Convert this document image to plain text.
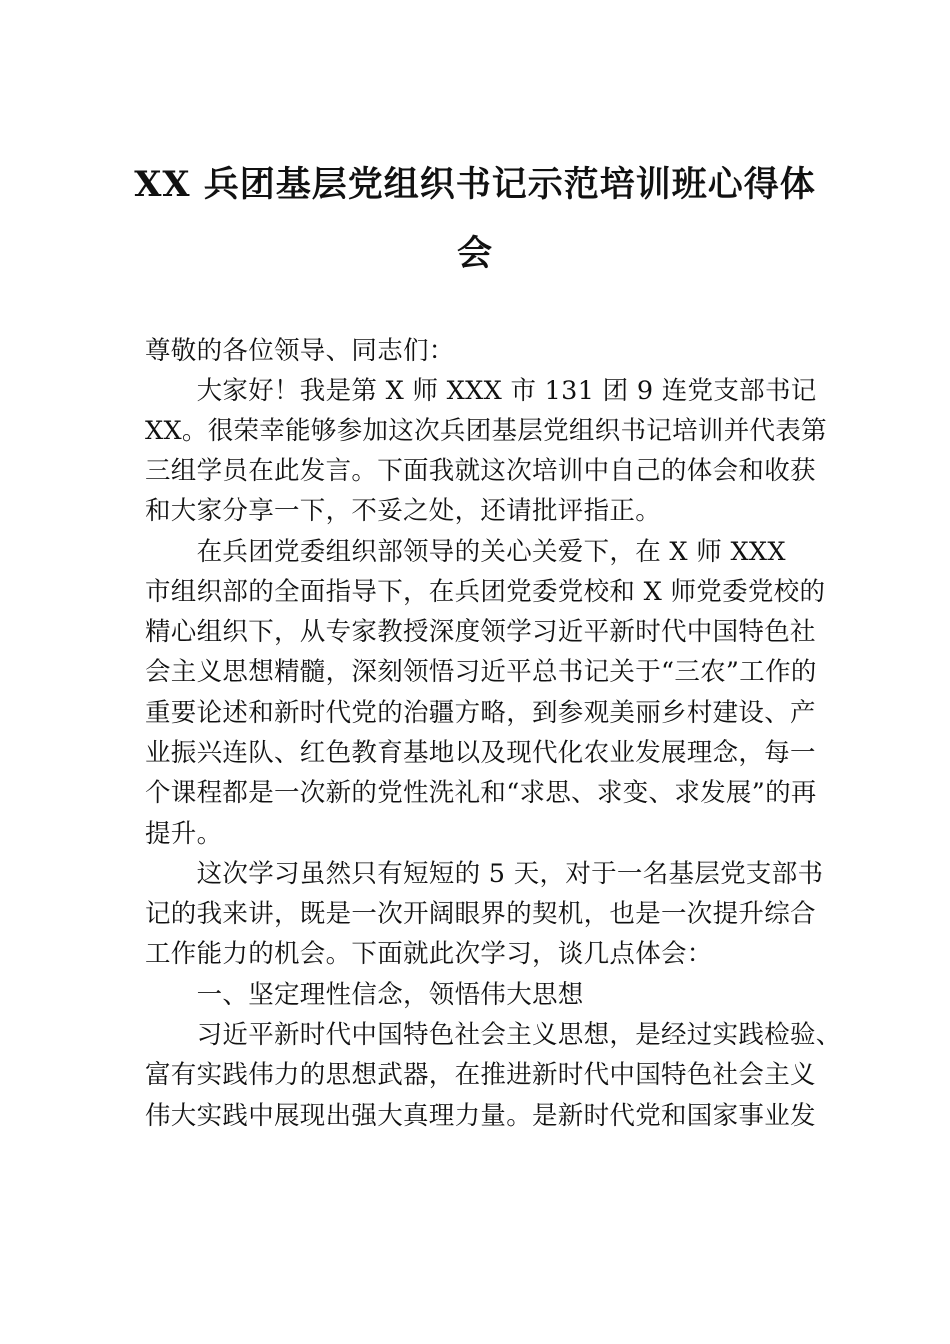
XX 兵团基层党组织书记示范培训班心得体
会
尊敬的各位领导、同志们：
　　大家好！我是第 X 师 XXX 市 131 团 9 连党支部书记
XX。很荣幸能够参加这次兵团基层党组织书记培训并代表第
三组学员在此发言。下面我就这次培训中自己的体会和收获
和大家分享一下，不妥之处，还请批评指正。
　　在兵团党委组织部领导的关心关爱下，在 X 师 XXX
市组织部的全面指导下，在兵团党委党校和 X 师党委党校的
精心组织下，从专家教授深度领学习近平新时代中国特色社
会主义思想精髓，深刻领悟习近平总书记关于“三农”工作的
重要论述和新时代党的治疆方略，到参观美丽乡村建设、产
业振兴连队、红色教育基地以及现代化农业发展理念，每一
个课程都是一次新的党性洗礼和“求思、求变、求发展”的再
提升。
　　这次学习虽然只有短短的 5 天，对于一名基层党支部书
记的我来讲，既是一次开阔眼界的契机，也是一次提升综合
工作能力的机会。下面就此次学习，谈几点体会：
　　一、坚定理性信念，领悟伟大思想
　　习近平新时代中国特色社会主义思想，是经过实践检验、
富有实践伟力的思想武器，在推进新时代中国特色社会主义
伟大实践中展现出强大真理力量。是新时代党和国家事业发
